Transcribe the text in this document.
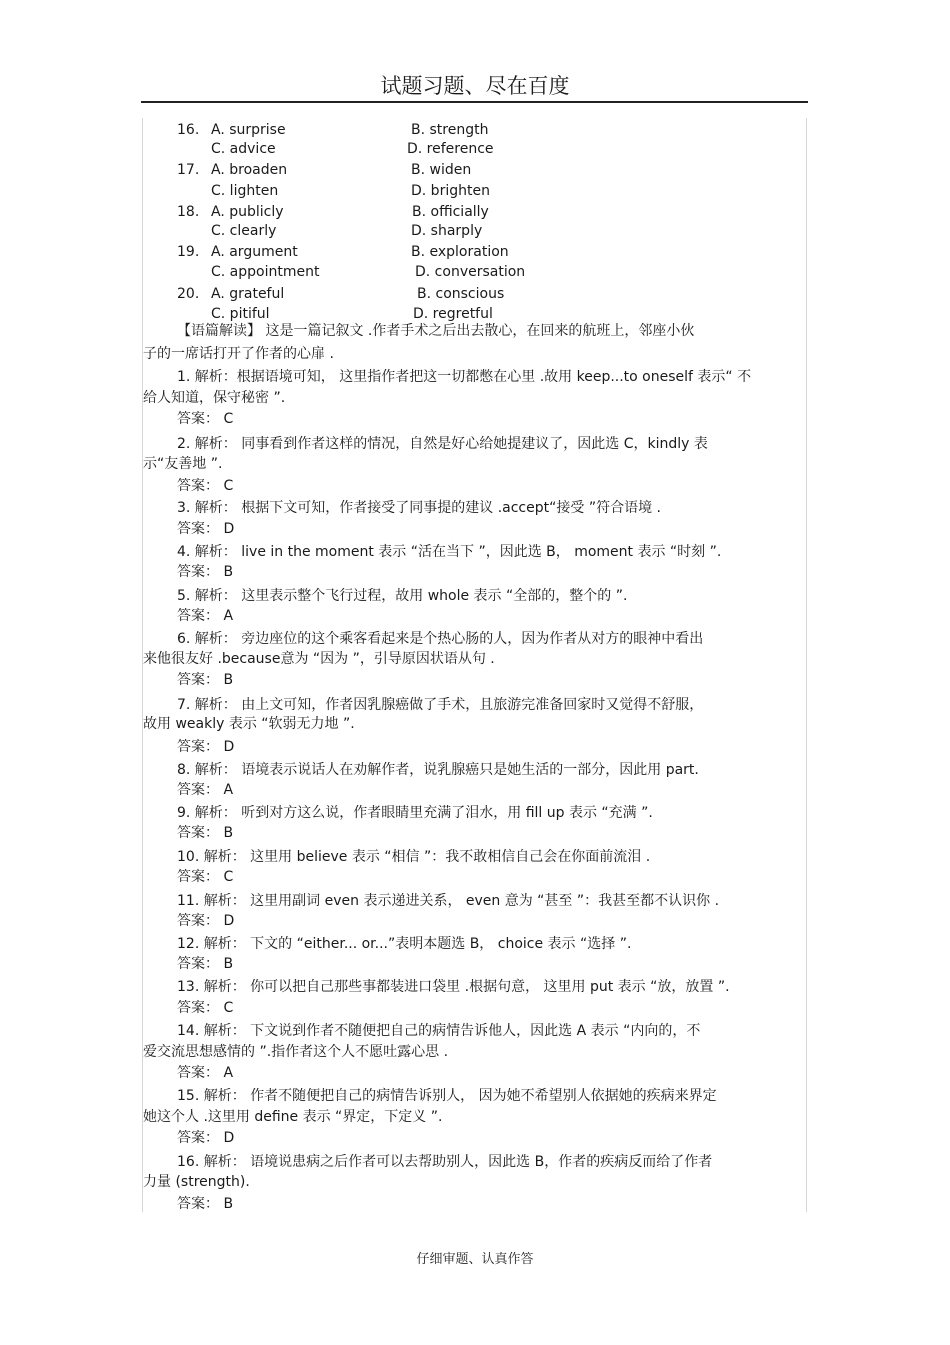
试题习题、尽在百度
16. A. surprise	B. strength
C. advice	D. reference
17. A. broaden	B. widen
C. lighten	D. brighten
18. A. publicly	B. officially
C. clearly	D. sharply
19. A. argument	B. exploration
C. appointment	D. conversation
20. A. grateful	B. conscious
C. pitiful	D. regretful
【语篇解读】 这是一篇记叙文 .作者手术之后出去散心，在回来的航班上，邻座小伙
子的一席话打开了作者的心扉 .
1. 解析：根据语境可知， 这里指作者把这一切都憋在心里 .故用 keep...to oneself 表示“ 不
给人知道，保守秘密 ”.
答案： C
2. 解析： 同事看到作者这样的情况，自然是好心给她提建议了，因此选 C，kindly 表
示“友善地 ”.
答案： C
3. 解析： 根据下文可知，作者接受了同事提的建议 .accept“接受 ”符合语境 .
答案： D
4. 解析： live in the moment 表示 “活在当下 ”，因此选 B， moment 表示 “时刻 ”.
答案： B
5. 解析： 这里表示整个飞行过程，故用 whole 表示 “全部的，整个的 ”.
答案： A
6. 解析： 旁边座位的这个乘客看起来是个热心肠的人，因为作者从对方的眼神中看出
来他很友好 .because意为 “因为 ”，引导原因状语从句 .
答案： B
7. 解析： 由上文可知，作者因乳腺癌做了手术，且旅游完准备回家时又觉得不舒服，
故用 weakly 表示 “软弱无力地 ”.
答案： D
8. 解析： 语境表示说话人在劝解作者，说乳腺癌只是她生活的一部分，因此用 part.
答案： A
9. 解析： 听到对方这么说，作者眼睛里充满了泪水，用 fill up 表示 “充满 ”.
答案： B
10. 解析： 这里用 believe 表示 “相信 ”：我不敢相信自己会在你面前流泪 .
答案： C
11. 解析： 这里用副词 even 表示递进关系， even 意为 “甚至 ”：我甚至都不认识你 .
答案： D
12. 解析： 下文的 “either... or...”表明本题选 B， choice 表示 “选择 ”.
答案： B
13. 解析： 你可以把自己那些事都装进口袋里 .根据句意， 这里用 put 表示 “放，放置 ”.
答案： C
14. 解析： 下文说到作者不随便把自己的病情告诉他人，因此选 A 表示 “内向的，不
爱交流思想感情的 ”.指作者这个人不愿吐露心思 .
答案： A
15. 解析： 作者不随便把自己的病情告诉别人， 因为她不希望别人依据她的疾病来界定
她这个人 .这里用 define 表示 “界定，下定义 ”.
答案： D
16. 解析： 语境说患病之后作者可以去帮助别人，因此选 B，作者的疾病反而给了作者
力量 (strength).
答案： B
仔细审题、认真作答
